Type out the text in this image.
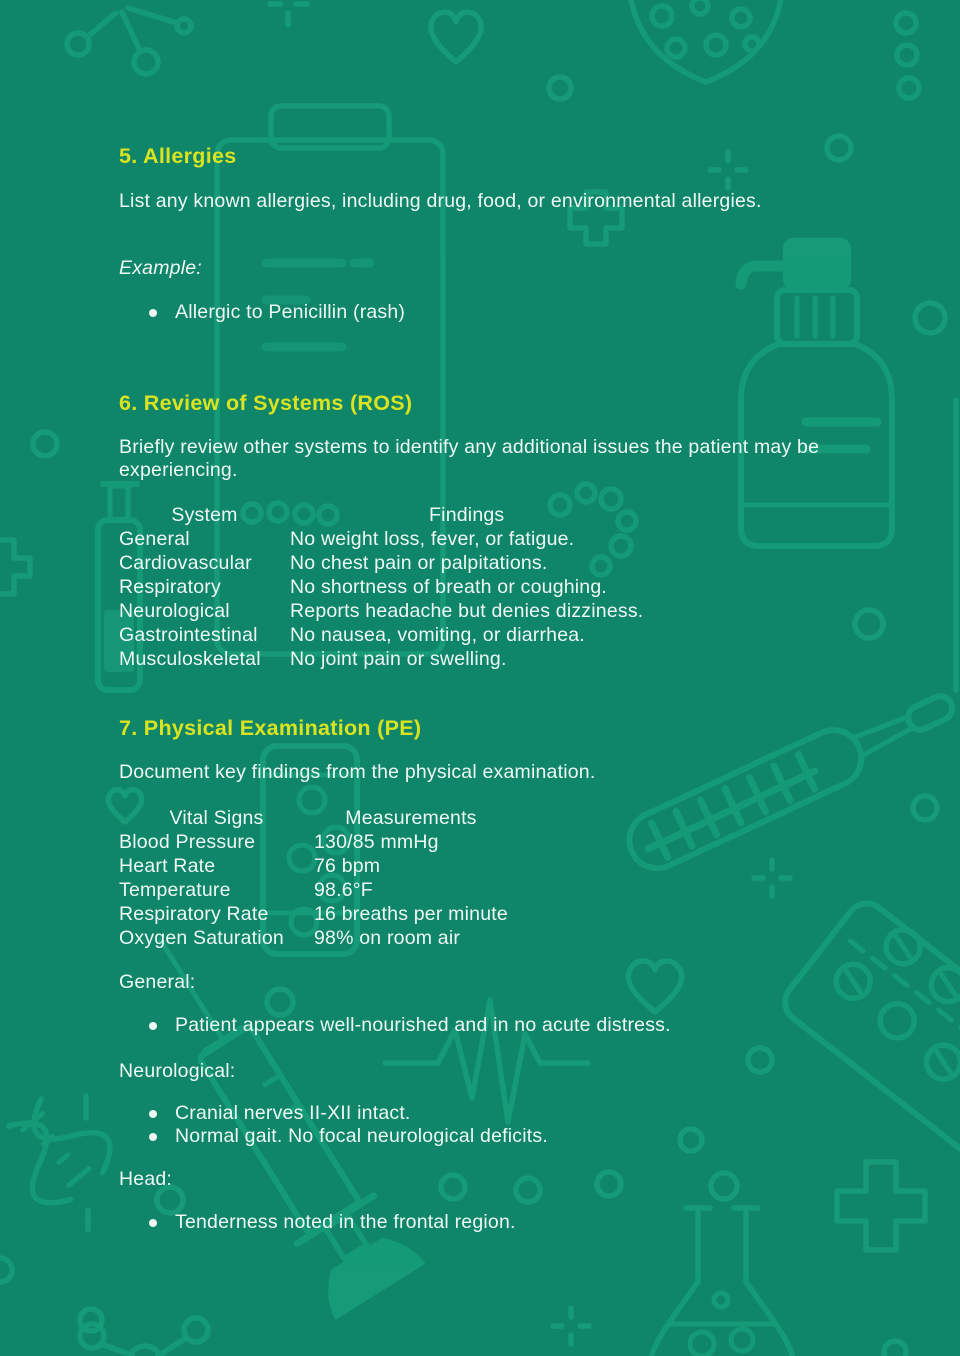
5. Allergies

List any known allergies, including drug, food, or environmental allergies.

Example:

Allergic to Penicillin (rash)
6. Review of Systems (ROS)

Briefly review other systems to identify any additional issues the patient may be experiencing.

System	Findings
General	No weight loss, fever, or fatigue.
Cardiovascular	No chest pain or palpitations.
Respiratory	No shortness of breath or coughing.
Neurological	Reports headache but denies dizziness.
Gastrointestinal	No nausea, vomiting, or diarrhea.
Musculoskeletal	No joint pain or swelling.
7. Physical Examination (PE)

Document key findings from the physical examination.

Vital Signs	Measurements
Blood Pressure	130/85 mmHg
Heart Rate	76 bpm
Temperature	98.6°F
Respiratory Rate	16 breaths per minute
Oxygen Saturation	98% on room air

General:

Patient appears well-nourished and in no acute distress.

Neurological:

Cranial nerves II-XII intact.
Normal gait. No focal neurological deficits.

Head:

Tenderness noted in the frontal region.
